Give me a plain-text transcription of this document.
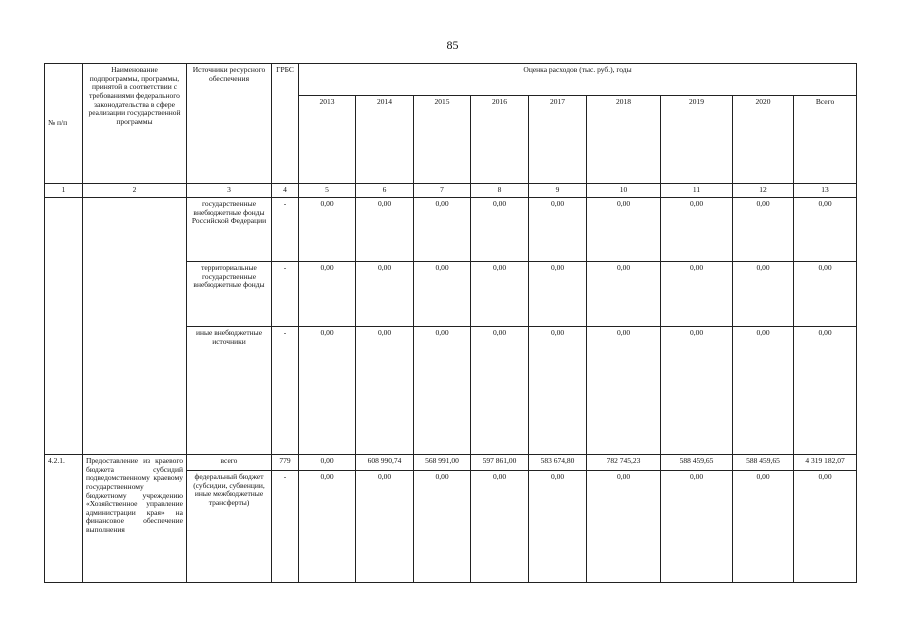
85
№ п/п	Наименование подпрограммы, программы, принятой в соответствии с требованиями федерального законодательства в сфере реализации государственной программы	Источники ресурсного обеспечения	ГРБС	Оценка расходов (тыс. руб.), годы								
				2013	2014	2015	2016	2017	2018	2019	2020	Всего
1	2	3	4	5	6	7	8	9	10	11	12	13
		государственные внебюджетные фонды Российской Федерации	-	0,00	0,00	0,00	0,00	0,00	0,00	0,00	0,00	0,00
		территориальные государственные внебюджетные фонды	-	0,00	0,00	0,00	0,00	0,00	0,00	0,00	0,00	0,00
		иные внебюджетные источники	-	0,00	0,00	0,00	0,00	0,00	0,00	0,00	0,00	0,00
4.2.1.	Предоставление из краевого бюджета субсидий подведомственному краевому государственному бюджетному учреждению «Хозяйственное управление администрации края» на финансовое обеспечение выполнения	всего	779	0,00	608 990,74	568 991,00	597 861,00	583 674,80	782 745,23	588 459,65	588 459,65	4 319 182,07
		федеральный бюджет (субсидии, субвенции, иные межбюджетные трансферты)	-	0,00	0,00	0,00	0,00	0,00	0,00	0,00	0,00	0,00
